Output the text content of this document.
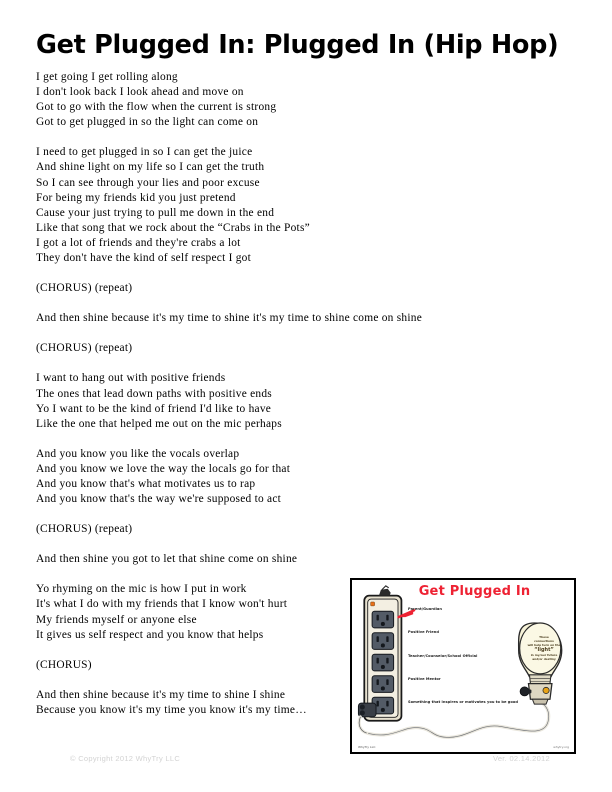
Get Plugged In: Plugged In (Hip Hop)
I get going I get rolling along
I don't look back I look ahead and move on
Got to go with the flow when the current is strong
Got to get plugged in so the light can come on
I need to get plugged in so I can get the juice
And shine light on my life so I can get the truth
So I can see through your lies and poor excuse
For being my friends kid you just pretend
Cause your just trying to pull me down in the end
Like that song that we rock about the “Crabs in the Pots”
I got a lot of friends and they're crabs a lot
They don't have the kind of self respect I got
(CHORUS) (repeat)
And then shine because it's my time to shine it's my time to shine come on shine
(CHORUS) (repeat)
I want to hang out with positive friends
The ones that lead down paths with positive ends
Yo I want to be the kind of friend I'd like to have
Like the one that helped me out on the mic perhaps
And you know you like the vocals overlap
And you know we love the way the locals go for that
And you know that's what motivates us to rap
And you know that's the way we're supposed to act
(CHORUS) (repeat)
And then shine you got to let that shine come on shine
Yo rhyming on the mic is how I put in work
It's what I do with my friends that I know won't hurt
My friends myself or anyone else
It gives us self respect and you know that helps
(CHORUS)
And then shine because it's my time to shine I shine
Because you know it's my time you know it's my time…
Get Plugged In
Parent/Guardian
Positive Friend
Teacher/Counselor/School Official
Positive Mentor
Something that inspires or motivates you to be good
These
connections
will help turn on the
“light”
in my/our future
and/or destiny
WhyTry LLC	whytry.org
© Copyright 2012 WhyTry LLC	Ver. 02.14.2012
